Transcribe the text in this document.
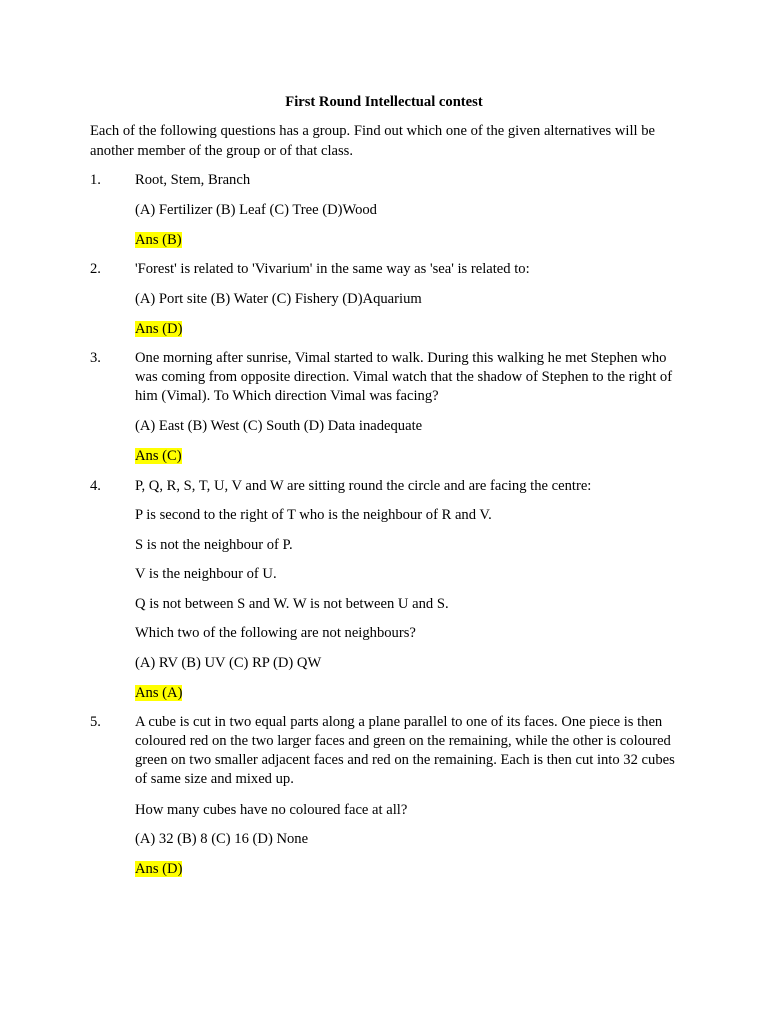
First Round Intellectual contest

Each of the following questions has a group. Find out which one of the given alternatives will be another member of the group or of that class.

1. Root, Stem, Branch

(A) Fertilizer (B) Leaf (C) Tree (D)Wood

Ans (B)
2. 'Forest' is related to 'Vivarium' in the same way as 'sea' is related to:

(A) Port site (B) Water (C) Fishery (D)Aquarium

Ans (D)
3. One morning after sunrise, Vimal started to walk. During this walking he met Stephen who was coming from opposite direction. Vimal watch that the shadow of Stephen to the right of him (Vimal). To Which direction Vimal was facing?

(A) East (B) West (C) South (D) Data inadequate

Ans (C)
4. P, Q, R, S, T, U, V and W are sitting round the circle and are facing the centre:

P is second to the right of T who is the neighbour of R and V.

S is not the neighbour of P.

V is the neighbour of U.

Q is not between S and W. W is not between U and S.

Which two of the following are not neighbours?

(A) RV (B) UV (C) RP (D) QW

Ans (A)
5. A cube is cut in two equal parts along a plane parallel to one of its faces. One piece is then coloured red on the two larger faces and green on the remaining, while the other is coloured green on two smaller adjacent faces and red on the remaining. Each is then cut into 32 cubes of same size and mixed up.

How many cubes have no coloured face at all?

(A) 32 (B) 8 (C) 16 (D) None

Ans (D)
